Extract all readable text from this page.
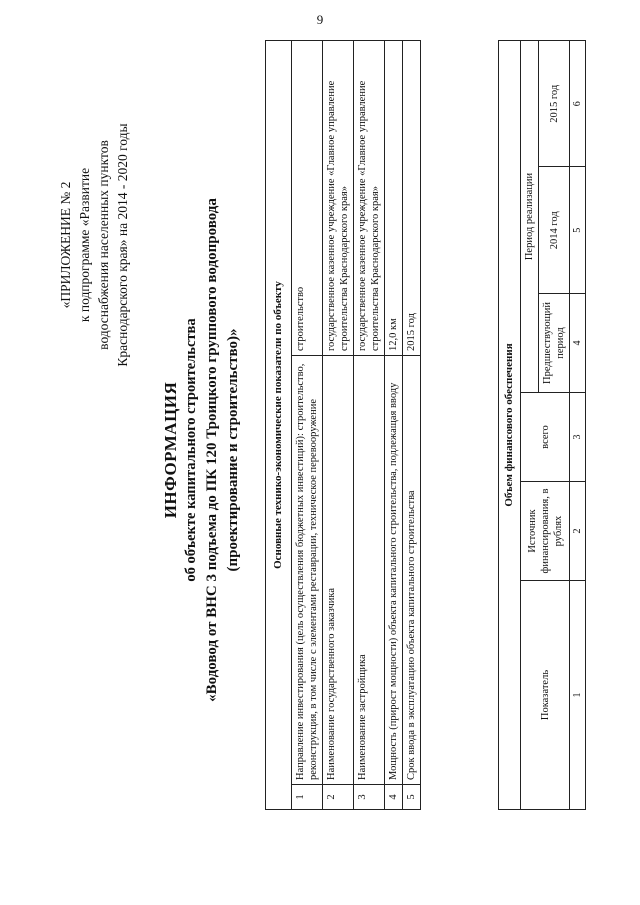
9
«ПРИЛОЖЕНИЕ № 2 к подпрограмме «Развитие водоснабжения населенных пунктов Краснодарского края» на 2014 - 2020 годы
ИНФОРМАЦИЯ об объекте капитального строительства «Водовод от ВНС 3 подъема до ПК 120 Троицкого группового водопровода (проектирование и строительство)»	Основные технико-экономические показатели по объекту		
1	Направление инвестирования (цель осуществления бюджетных инвестиций): строительство, реконструкция, в том числе с элементами реставрации, техническое перевооружение	строительство
2	Наименование государственного заказчика	государственное казенное учреждение «Главное управление строительства Краснодарского края»
3	Наименование застройщика	государственное казенное учреждение «Главное управление строительства Краснодарского края»
4	Мощность (прирост мощности) объекта капитального строительства, подлежащая вводу	12,0 км
5	Срок ввода в эксплуатацию объекта капитального строительства	2015 год
Объем финансового обеспечения					
Показатель	Источник финансирования, в рублях	всего	Период реализации		
			Предшествующий период	2014 год	2015 год
1	2	3	4	5	6
